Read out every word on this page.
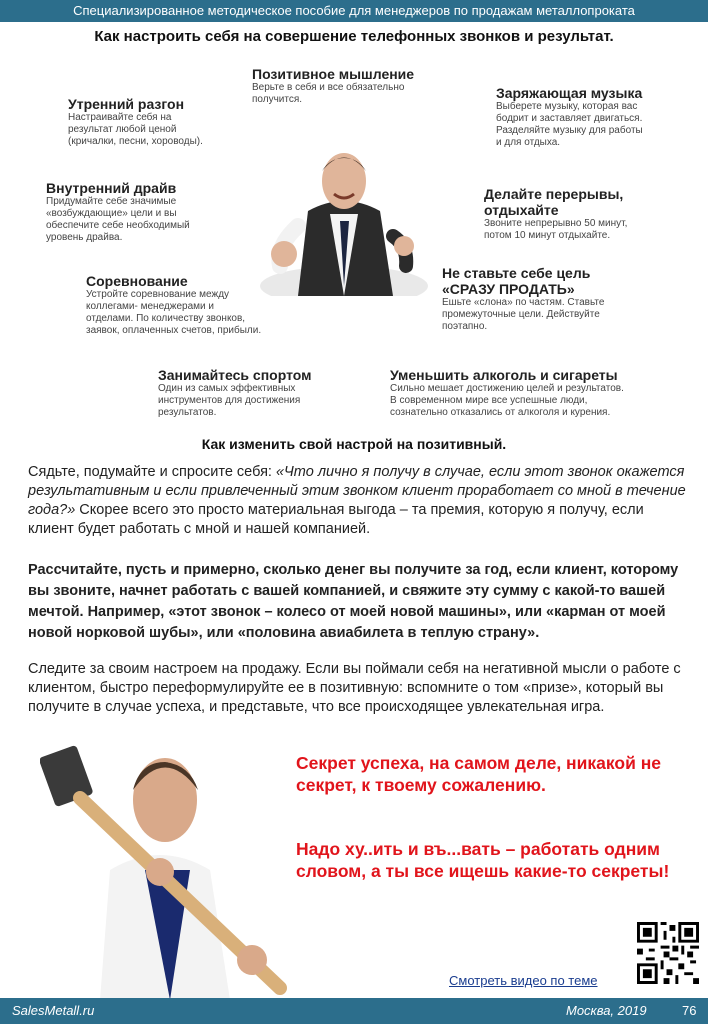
Специализированное методическое пособие для менеджеров по продажам металлопроката
Как настроить себя на совершение телефонных звонков и результат.
Позитивное мышление
Верьте в себя и все обязательно
получится.
Утренний разгон
Настраивайте себя на
результат любой ценой
(кричалки, песни, хороводы).
Заряжающая музыка
Выберете музыку, которая вас
бодрит и заставляет двигаться.
Разделяйте музыку для работы
и для отдыха.
Внутренний драйв
Придумайте себе значимые
«возбуждающие» цели и вы
обеспечите себе необходимый
уровень драйва.
Делайте перерывы,
отдыхайте
Звоните непрерывно 50 минут,
потом 10 минут отдыхайте.
Соревнование
Устройте соревнование между
коллегами- менеджерами и
отделами. По количеству звонков,
заявок, оплаченных счетов, прибыли.
Не ставьте себе цель
«СРАЗУ ПРОДАТЬ»
Ешьте «слона» по частям. Ставьте
промежуточные цели. Действуйте
поэтапно.
Занимайтесь спортом
Один из самых эффективных
инструментов для достижения
результатов.
Уменьшить алкоголь и сигареты
Сильно мешает достижению целей и результатов.
В современном мире все успешные люди,
сознательно отказались от алкоголя и курения.
Как изменить свой настрой на позитивный.
Сядьте, подумайте и спросите себя: «Что лично я получу в случае, если этот звонок окажется результативным и если привлеченный этим звонком клиент проработает со мной в течение года?» Скорее всего это просто материальная выгода – та премия, которую я получу, если клиент будет работать с мной и нашей компанией.
Рассчитайте, пусть и примерно, сколько денег вы получите за год, если клиент, которому вы звоните, начнет работать с вашей компанией, и свяжите эту сумму с какой-то вашей мечтой. Например, «этот звонок – колесо от моей новой машины», или «карман от моей новой норковой шубы», или «половина авиабилета в теплую страну».
Следите за своим настроем на продажу. Если вы поймали себя на негативной мысли о работе с клиентом, быстро переформулируйте ее в позитивную: вспомните о том «призе», который вы получите в случае успеха, и представьте, что все происходящее увлекательная игра.
Секрет успеха, на самом деле, никакой не секрет, к твоему сожалению.
Надо ху..ить и въ...вать – работать одним словом, а ты все ищешь какие-то секреты!
Смотреть видео по теме
SalesMetall.ru	Москва, 2019	76
